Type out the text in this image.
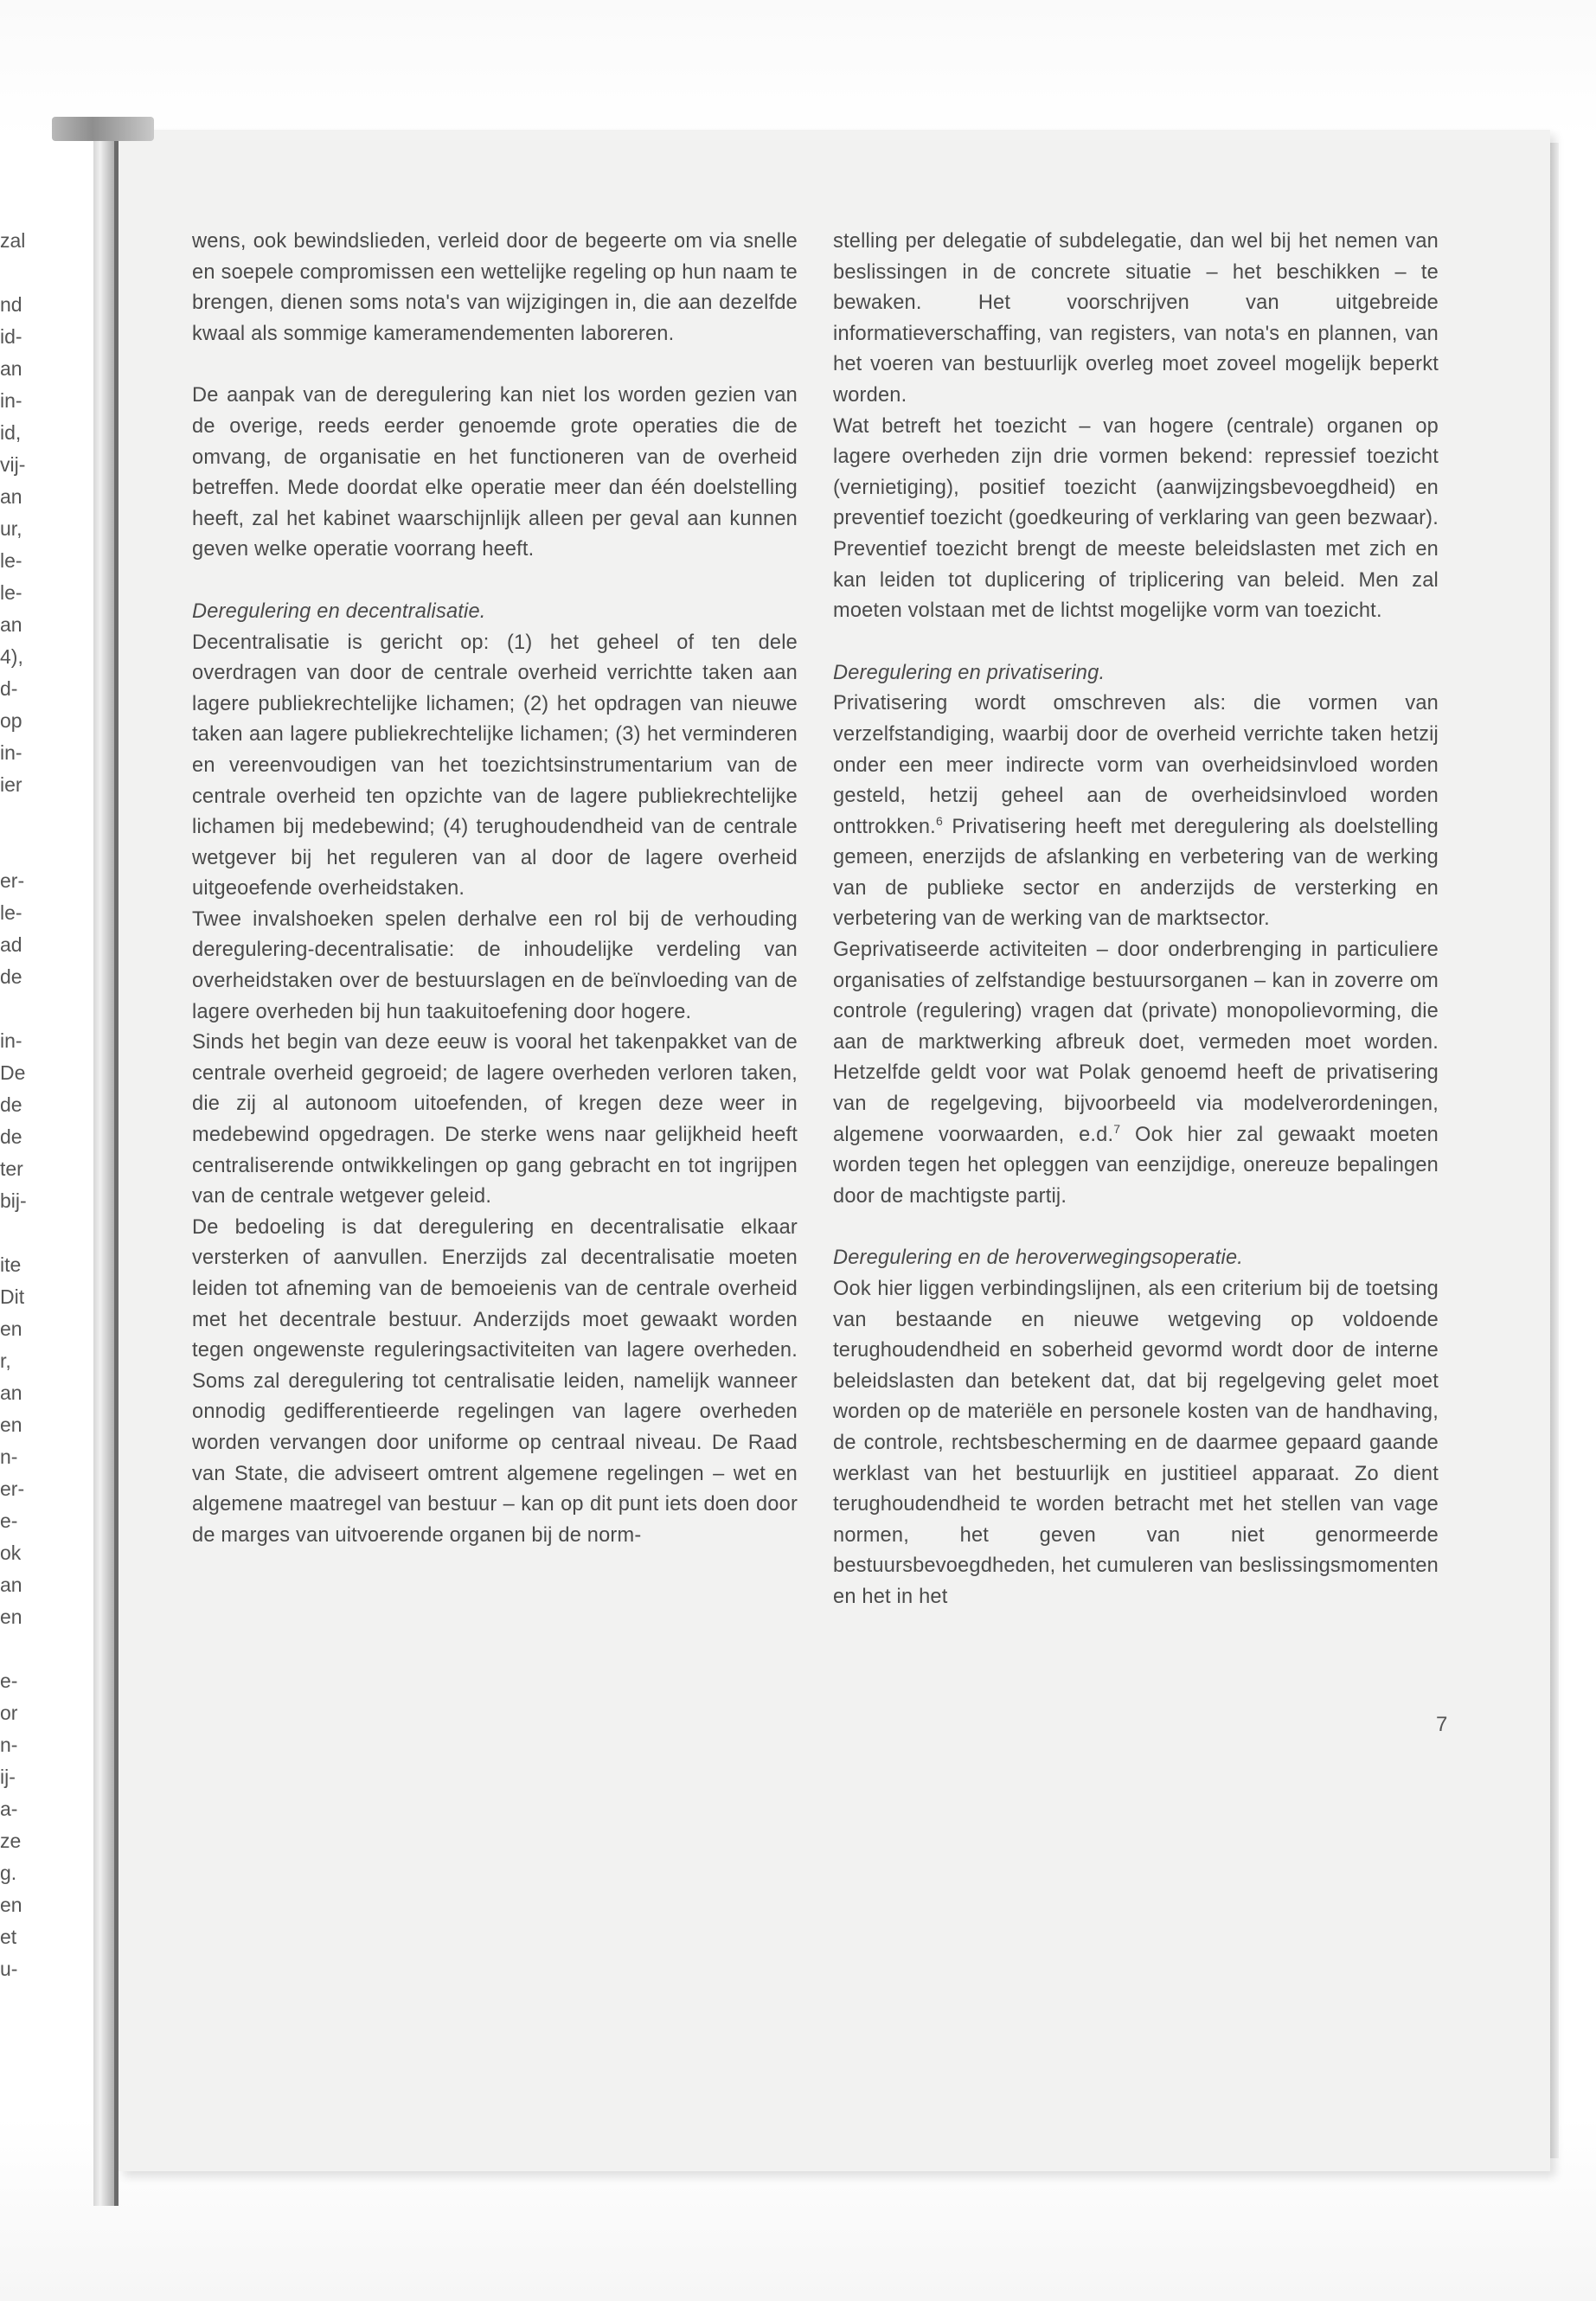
zal
nd
id-
an
in-
id,
vij-
an
ur,
le-
le-
an
4),
d-
op
in-
ier
er-
le-
ad
de
in-
De
de
de
ter
bij-
ite
Dit
en
r,
an
en
n-
er-
e-
ok
an
en
e-
or
n-
ij-
a-
ze
g.
en
et
u-

wens, ook bewindslieden, verleid door de begeerte om via snelle en soepele compromissen een wettelijke regeling op hun naam te brengen, dienen soms nota's van wijzigingen in, die aan dezelfde kwaal als sommige kameramendementen laboreren.

De aanpak van de deregulering kan niet los worden gezien van de overige, reeds eerder genoemde grote operaties die de omvang, de organisatie en het functioneren van de overheid betreffen. Mede doordat elke operatie meer dan één doelstelling heeft, zal het kabinet waarschijnlijk alleen per geval aan kunnen geven welke operatie voorrang heeft.

Deregulering en decentralisatie.

Decentralisatie is gericht op: (1) het geheel of ten dele overdragen van door de centrale overheid verrichtte taken aan lagere publiekrechtelijke lichamen; (2) het opdragen van nieuwe taken aan lagere publiekrechtelijke lichamen; (3) het verminderen en vereenvoudigen van het toezichtsinstrumentarium van de centrale overheid ten opzichte van de lagere publiekrechtelijke lichamen bij medebewind; (4) terughoudendheid van de centrale wetgever bij het reguleren van al door de lagere overheid uitgeoefende overheidstaken.

Twee invalshoeken spelen derhalve een rol bij de verhouding deregulering-decentralisatie: de inhoudelijke verdeling van overheidstaken over de bestuurslagen en de beïnvloeding van de lagere overheden bij hun taakuitoefening door hogere.

Sinds het begin van deze eeuw is vooral het takenpakket van de centrale overheid gegroeid; de lagere overheden verloren taken, die zij al autonoom uitoefenden, of kregen deze weer in medebewind opgedragen. De sterke wens naar gelijkheid heeft centraliserende ontwikkelingen op gang gebracht en tot ingrijpen van de centrale wetgever geleid.

De bedoeling is dat deregulering en decentralisatie elkaar versterken of aanvullen. Enerzijds zal decentralisatie moeten leiden tot afneming van de bemoeienis van de centrale overheid met het decentrale bestuur. Anderzijds moet gewaakt worden tegen ongewenste reguleringsactiviteiten van lagere overheden. Soms zal deregulering tot centralisatie leiden, namelijk wanneer onnodig gedifferentieerde regelingen van lagere overheden worden vervangen door uniforme op centraal niveau. De Raad van State, die adviseert omtrent algemene regelingen – wet en algemene maatregel van bestuur – kan op dit punt iets doen door de marges van uitvoerende organen bij de norm-

stelling per delegatie of subdelegatie, dan wel bij het nemen van beslissingen in de concrete situatie – het beschikken – te bewaken. Het voorschrijven van uitgebreide informatieverschaffing, van registers, van nota's en plannen, van het voeren van bestuurlijk overleg moet zoveel mogelijk beperkt worden.

Wat betreft het toezicht – van hogere (centrale) organen op lagere overheden zijn drie vormen bekend: repressief toezicht (vernietiging), positief toezicht (aanwijzingsbevoegdheid) en preventief toezicht (goedkeuring of verklaring van geen bezwaar). Preventief toezicht brengt de meeste beleidslasten met zich en kan leiden tot duplicering of triplicering van beleid. Men zal moeten volstaan met de lichtst mogelijke vorm van toezicht.

Deregulering en privatisering.

Privatisering wordt omschreven als: die vormen van verzelfstandiging, waarbij door de overheid verrichte taken hetzij onder een meer indirecte vorm van overheidsinvloed worden gesteld, hetzij geheel aan de overheidsinvloed worden onttrokken.$^6$ Privatisering heeft met deregulering als doelstelling gemeen, enerzijds de afslanking en verbetering van de werking van de publieke sector en anderzijds de versterking en verbetering van de werking van de marktsector.

Geprivatiseerde activiteiten – door onderbrenging in particuliere organisaties of zelfstandige bestuursorganen – kan in zoverre om controle (regulering) vragen dat (private) monopolievorming, die aan de marktwerking afbreuk doet, vermeden moet worden. Hetzelfde geldt voor wat Polak genoemd heeft de privatisering van de regelgeving, bijvoorbeeld via modelverordeningen, algemene voorwaarden, e.d.$^7$ Ook hier zal gewaakt moeten worden tegen het opleggen van eenzijdige, onereuze bepalingen door de machtigste partij.

Deregulering en de heroverwegingsoperatie.

Ook hier liggen verbindingslijnen, als een criterium bij de toetsing van bestaande en nieuwe wetgeving op voldoende terughoudendheid en soberheid gevormd wordt door de interne beleidslasten dan betekent dat, dat bij regelgeving gelet moet worden op de materiële en personele kosten van de handhaving, de controle, rechtsbescherming en de daarmee gepaard gaande werklast van het bestuurlijk en justitieel apparaat. Zo dient terughoudendheid te worden betracht met het stellen van vage normen, het geven van niet genormeerde bestuursbevoegdheden, het cumuleren van beslissingsmomenten en het in het

7
